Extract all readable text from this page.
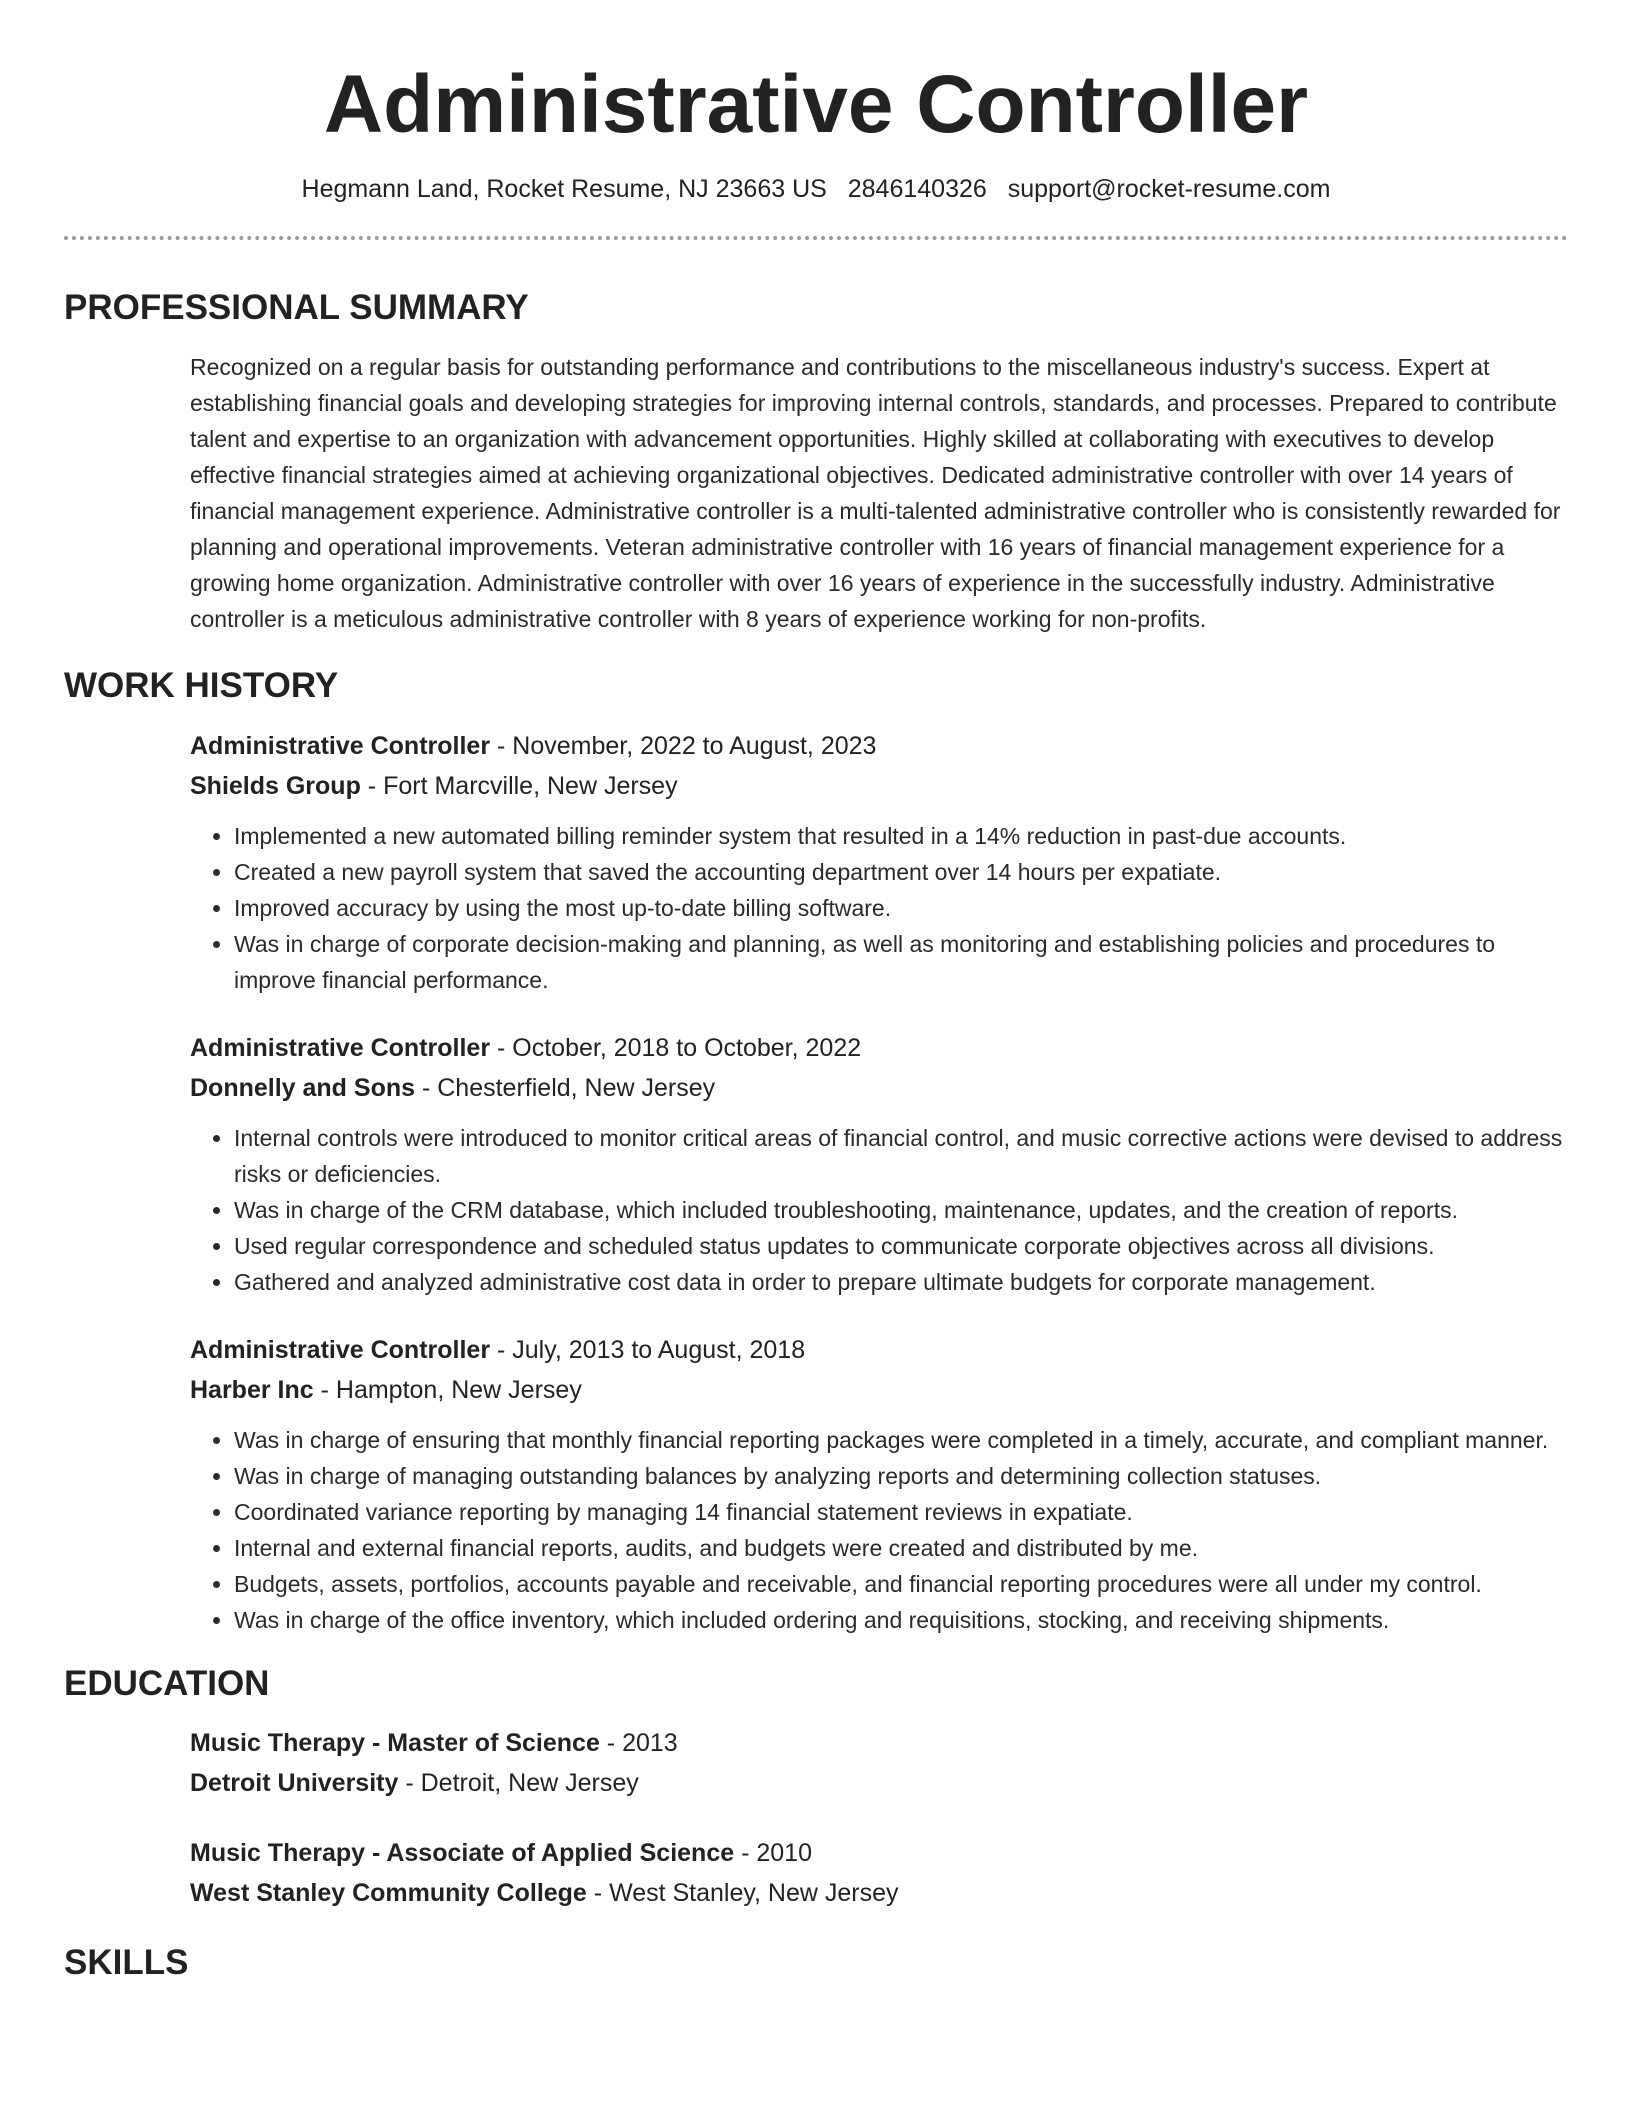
Administrative Controller
Hegmann Land, Rocket Resume, NJ 23663 US 2846140326 support@rocket-resume.com
PROFESSIONAL SUMMARY

Recognized on a regular basis for outstanding performance and contributions to the miscellaneous industry's success. Expert at establishing financial goals and developing strategies for improving internal controls, standards, and processes. Prepared to contribute talent and expertise to an organization with advancement opportunities. Highly skilled at collaborating with executives to develop effective financial strategies aimed at achieving organizational objectives. Dedicated administrative controller with over 14 years of financial management experience. Administrative controller is a multi-talented administrative controller who is consistently rewarded for planning and operational improvements. Veteran administrative controller with 16 years of financial management experience for a growing home organization. Administrative controller with over 16 years of experience in the successfully industry. Administrative controller is a meticulous administrative controller with 8 years of experience working for non-profits.

WORK HISTORY
Administrative Controller - November, 2022 to August, 2023
Shields Group - Fort Marcville, New Jersey
• Implemented a new automated billing reminder system that resulted in a 14% reduction in past-due accounts.
• Created a new payroll system that saved the accounting department over 14 hours per expatiate.
• Improved accuracy by using the most up-to-date billing software.
• Was in charge of corporate decision-making and planning, as well as monitoring and establishing policies and procedures to improve financial performance.
Administrative Controller - October, 2018 to October, 2022
Donnelly and Sons - Chesterfield, New Jersey
• Internal controls were introduced to monitor critical areas of financial control, and music corrective actions were devised to address risks or deficiencies.
• Was in charge of the CRM database, which included troubleshooting, maintenance, updates, and the creation of reports.
• Used regular correspondence and scheduled status updates to communicate corporate objectives across all divisions.
• Gathered and analyzed administrative cost data in order to prepare ultimate budgets for corporate management.
Administrative Controller - July, 2013 to August, 2018
Harber Inc - Hampton, New Jersey
• Was in charge of ensuring that monthly financial reporting packages were completed in a timely, accurate, and compliant manner.
• Was in charge of managing outstanding balances by analyzing reports and determining collection statuses.
• Coordinated variance reporting by managing 14 financial statement reviews in expatiate.
• Internal and external financial reports, audits, and budgets were created and distributed by me.
• Budgets, assets, portfolios, accounts payable and receivable, and financial reporting procedures were all under my control.
• Was in charge of the office inventory, which included ordering and requisitions, stocking, and receiving shipments.
EDUCATION
Music Therapy - Master of Science - 2013
Detroit University - Detroit, New Jersey
Music Therapy - Associate of Applied Science - 2010
West Stanley Community College - West Stanley, New Jersey
SKILLS
